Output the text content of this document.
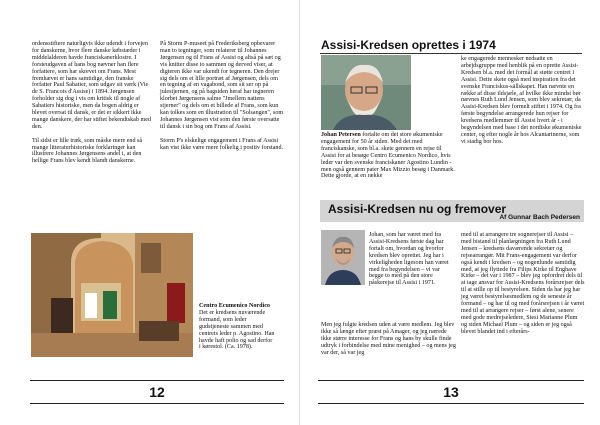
ordensstiftere naturligvis ikke udendt i forvejen for danskerne, hvor flere danske købstæder i middelalderen havde franciskanerklostre. I forsteudgaven af hans bog nævner han flere forfattere, som har skrevet om Frans. Mest fremhævet er hans samtidige, den franske forfatter Paul Sabatier, som udgav sit værk (Vie de S. Francois d'Assise) i 1894. Jørgensen forholder sig dog i vis om kritisk til nogle af Sabatiers historiske, men da bogen aldrig er blevet oversat til dansk, er det er sikkert ikke mange danskere, der har stiftet bekendtskab med den.

Til sidst er lille træk, som måske mere end så mange litteraturhistoriske forklaringer kan illustrere Johannes Jørgensens andel i, at den hellige Frans blev kendt blandt danskerne.

På Storm P-museet på Frederiksberg opbevarer man to tegninger, som relaterer til Johannes Jørgensen og til Frans af Assisi og altså på sæt og vis knitter disse to sammen og derved viser, at digteren ikke var ukendt for tegneren. Den drejer sig dels om et lille portræt af Jørgensen, dels om en tegning af en vagabond, som sit ser op på julestjernen, og på bagsiden heraf har tegneren klorbet Jørgensens salme "Jmellem nattens stjerner" og dels om et billede af Frans, som kun kan tolkes som en illustration til "Solsangen", som Johannes Jørgensen vist som den første oversatte til dansk i sin bog om Frans af Assisi.

Storm P's elskelige engagement i Frans af Assisi kan vist ikke være mere folkelig i positiv forstand.

Centro Ecumenico Nordico
Det er kredsens nuværende formand, som leder gudstjeneste sammen med centrets leder p. Agostino. Han havde haft polio og sad derfor i kørestol. (Ca. 1978).
12
Assisi-Kredsen oprettes i 1974

ke engagerede mennesker nedsatte en arbejdsgruppe med henblik på en oprette Assisi-Kredsen bl.a. med det formål at støtte centret i Assisi. Dette skete også med inspiration fra det svenske Franciskus-sällskapet. Han nævnte en række af disse ildsjæle, af hvilke ikke mindst bør nævnes Ruth Lund Jensen, som blev sekretær, da Assisi-Kredsen blev formelt stiftet i 1974. Og fra første begyndelse arrangerede hun rejser for kredsens medlemmer til Assisi hvert år - i begyndelsen med base i det nordiske økumeniske center, og efter nogle år hos Alcantarinerne, som vi stadig bor hos.

Johan Petersen fortalte om det store økumeniske engagement for 50 år siden. Med det med franciskanske, som bl.a. skete gennem en rejse til Assisi for at besøge Centro Ecumenico Nordico, hvis leder var den svenske franciskaner Agostino Lundin - men også gennem pater Max Mizzio besøg i Danmark. Dette gjorde, at en række
Assisi-Kredsen nu og fremover
Af Gunnar Bach Pedersen

Johan, som har været med fra Assisi-Kredsens første dag har fortalt om, hvordan og hvorfor kredsen blev oprettet. Jeg har i virkeligheden ligesom han været med fra begyndelsen – vi var begge to med på den store påskerejse til Assisi i 1971.

Men jeg fulgte kredsen uden at være medlem. Jeg blev ikke så længe efter præst på Amager, og jeg nærede ikke større interesse for Frans og hans by skulle finde udtryk i forbindelse med mine menighed – og mens jeg var der, så var jeg

med til at arrangere tre sognerejser til Assisi – med bistand til planlægningen fra Ruth Lund Jensen – kredsens daværende sekretær og rejsearrangør. Mit Frans-engagement var derfor også kendt i kredsen – og nogenlunde samtidig med, at jeg flyttede fra Filips Kirke til Enghave Kirke – det var i 1987 – blev jeg opfordret dels til at tage ansvar for Assisi-Kredsens forårsrejser dels til at stille op til bestyrelsen. Siden da har jeg har jeg været bestyrelsesmedlem og de seneste år formand – og har til og med forårsrejsen i år været med til at arrangere rejser – først alene, senere med gode medrejseledere, Stesi Marianne Plum og siden Michael Plum – og siden er jeg også blevet blandet ind i efterårs-

13
